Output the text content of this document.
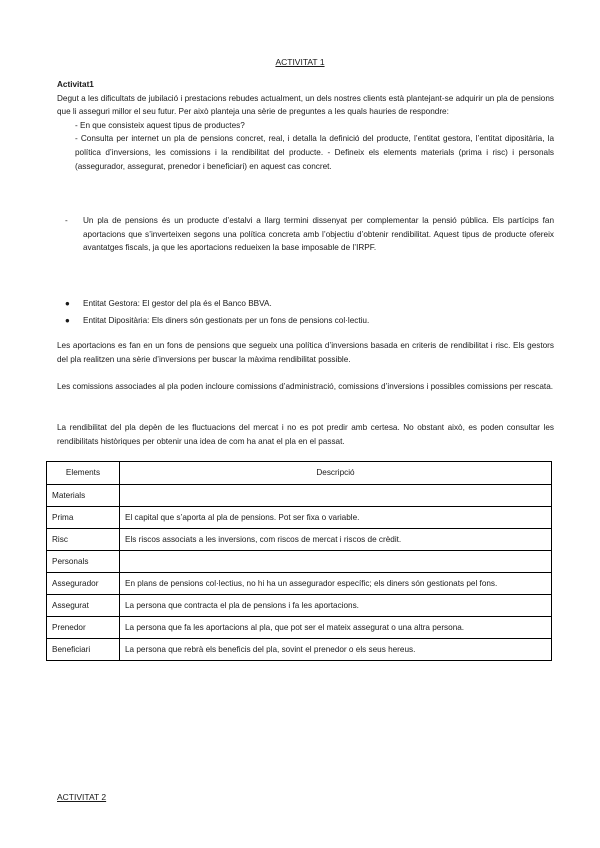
ACTIVITAT 1
Activitat1
Degut a les dificultats de jubilació i prestacions rebudes actualment, un dels nostres clients està plantejant-se adquirir un pla de pensions que li asseguri millor el seu futur. Per això planteja una sèrie de preguntes a les quals hauries de respondre:
- En que consisteix aquest tipus de productes?
- Consulta per internet un pla de pensions concret, real, i detalla la definició del producte, l’entitat gestora, l’entitat dipositària, la política d’inversions, les comissions i la rendibilitat del producte. - Defineix els elements materials (prima i risc) i personals (assegurador, assegurat, prenedor i beneficiari) en aquest cas concret.
- Un pla de pensions és un producte d’estalvi a llarg termini dissenyat per complementar la pensió pública. Els partícips fan aportacions que s’inverteixen segons una política concreta amb l’objectiu d’obtenir rendibilitat. Aquest tipus de producte ofereix avantatges fiscals, ja que les aportacions redueixen la base imposable de l’IRPF.
● Entitat Gestora: El gestor del pla és el Banco BBVA.
● Entitat Dipositària: Els diners són gestionats per un fons de pensions col·lectiu.
Les aportacions es fan en un fons de pensions que segueix una política d’inversions basada en criteris de rendibilitat i risc. Els gestors del pla realitzen una sèrie d’inversions per buscar la màxima rendibilitat possible.
Les comissions associades al pla poden incloure comissions d’administració, comissions d’inversions i possibles comissions per rescata.
La rendibilitat del pla depèn de les fluctuacions del mercat i no es pot predir amb certesa. No obstant això, es poden consultar les rendibilitats històriques per obtenir una idea de com ha anat el pla en el passat.
Elements	Descripció
Materials	
Prima	El capital que s’aporta al pla de pensions. Pot ser fixa o variable.
Risc	Els riscos associats a les inversions, com riscos de mercat i riscos de crèdit.
Personals	
Assegurador	En plans de pensions col·lectius, no hi ha un assegurador específic; els diners són gestionats pel fons.
Assegurat	La persona que contracta el pla de pensions i fa les aportacions.
Prenedor	La persona que fa les aportacions al pla, que pot ser el mateix assegurat o una altra persona.
Beneficiari	La persona que rebrà els beneficis del pla, sovint el prenedor o els seus hereus.
ACTIVITAT 2
